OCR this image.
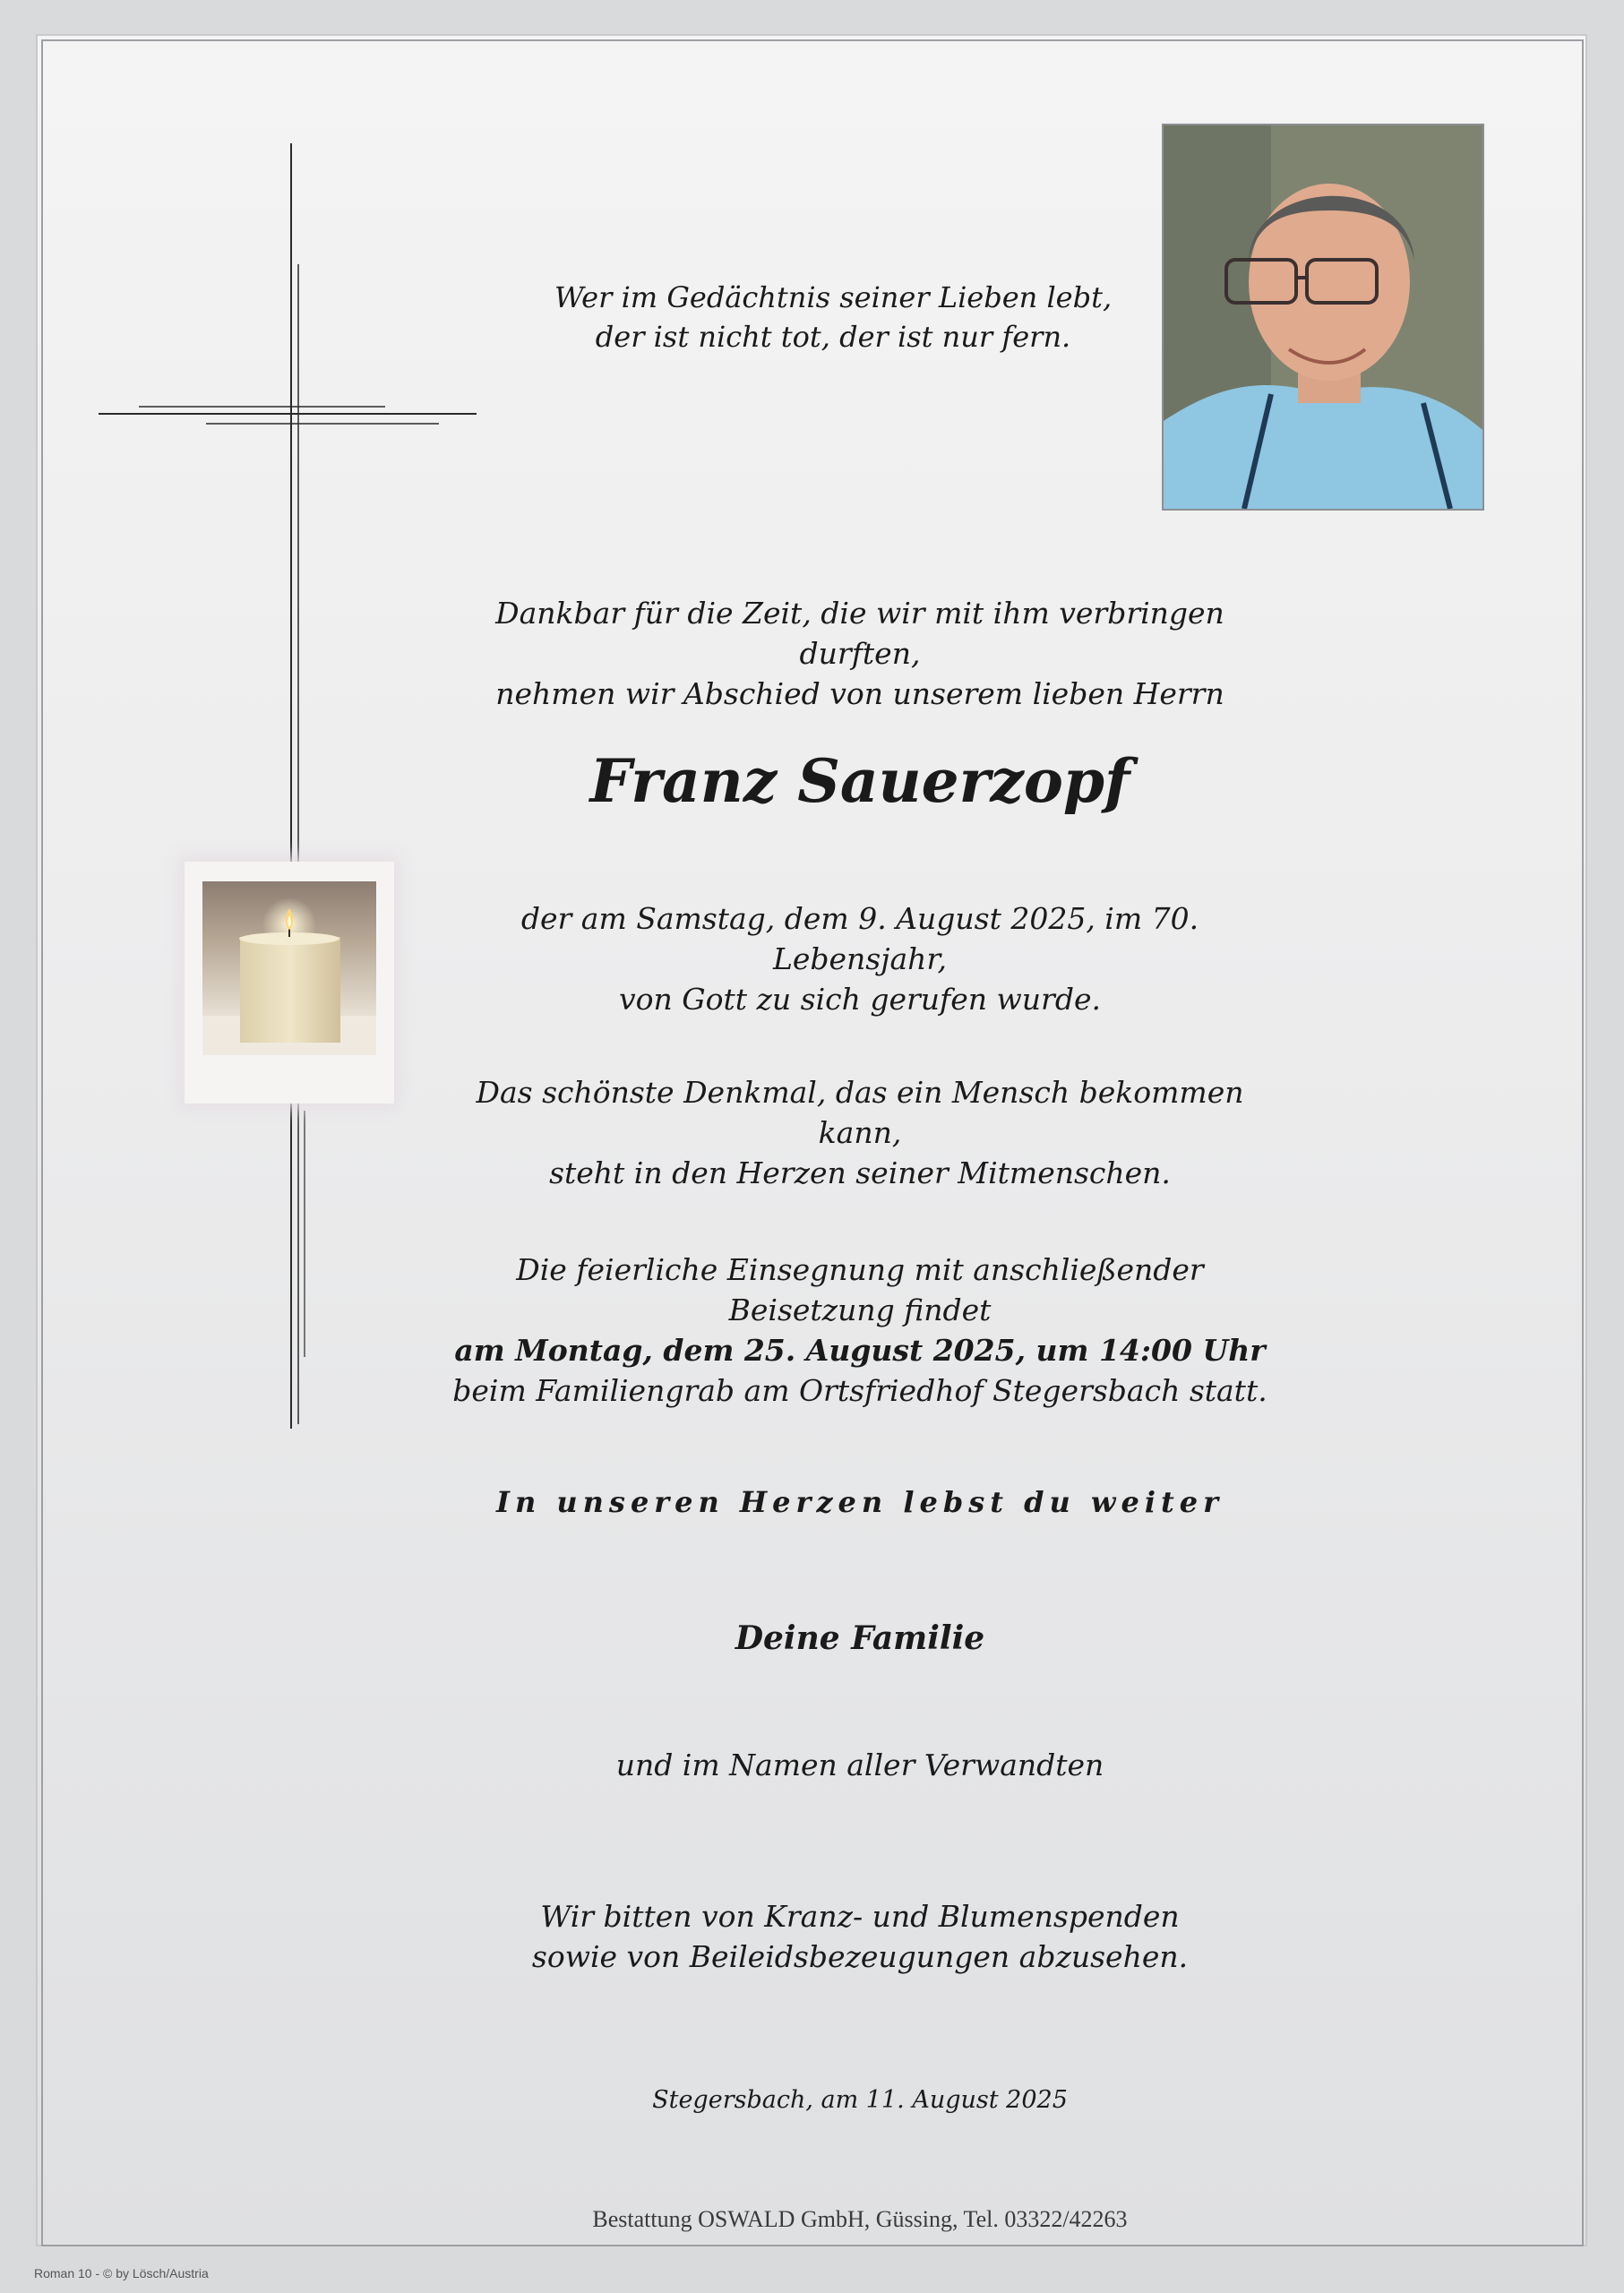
Wer im Gedächtnis seiner Lieben lebt,
der ist nicht tot, der ist nur fern.
Dankbar für die Zeit, die wir mit ihm verbringen durften,
nehmen wir Abschied von unserem lieben Herrn
Franz Sauerzopf
der am Samstag, dem 9. August 2025, im 70. Lebensjahr,
von Gott zu sich gerufen wurde.
Das schönste Denkmal, das ein Mensch bekommen kann,
steht in den Herzen seiner Mitmenschen.
Die feierliche Einsegnung mit anschließender Beisetzung findet
am Montag, dem 25. August 2025, um 14:00 Uhr
beim Familiengrab am Ortsfriedhof Stegersbach statt.
In unseren Herzen lebst du weiter
Deine Familie
und im Namen aller Verwandten
Wir bitten von Kranz- und Blumenspenden
sowie von Beileidsbezeugungen abzusehen.
Stegersbach, am 11. August 2025
Bestattung OSWALD GmbH, Güssing, Tel. 03322/42263
Roman 10 - © by Lösch/Austria
